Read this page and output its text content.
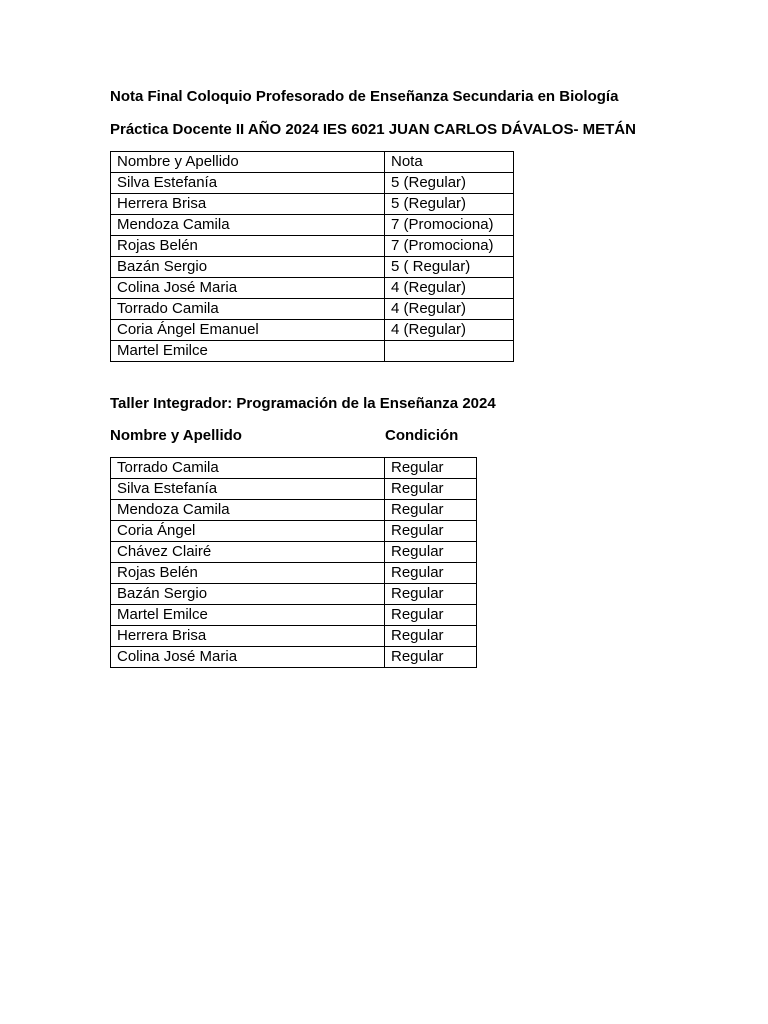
Nota Final Coloquio Profesorado de Enseñanza Secundaria en Biología
Práctica Docente II AÑO 2024 IES 6021 JUAN CARLOS DÁVALOS- METÁN
Nombre y Apellido	Nota
Silva Estefanía	5 (Regular)
Herrera Brisa	5 (Regular)
Mendoza Camila	7 (Promociona)
Rojas Belén	7 (Promociona)
Bazán Sergio	5 ( Regular)
Colina José Maria	4 (Regular)
Torrado Camila	4 (Regular)
Coria Ángel Emanuel	4 (Regular)
Martel Emilce	
Taller Integrador: Programación de la Enseñanza 2024
Nombre y Apellido	Condición
Torrado Camila	Regular
Silva Estefanía	Regular
Mendoza Camila	Regular
Coria Ángel	Regular
Chávez Clairé	Regular
Rojas Belén	Regular
Bazán Sergio	Regular
Martel Emilce	Regular
Herrera Brisa	Regular
Colina José Maria	Regular
